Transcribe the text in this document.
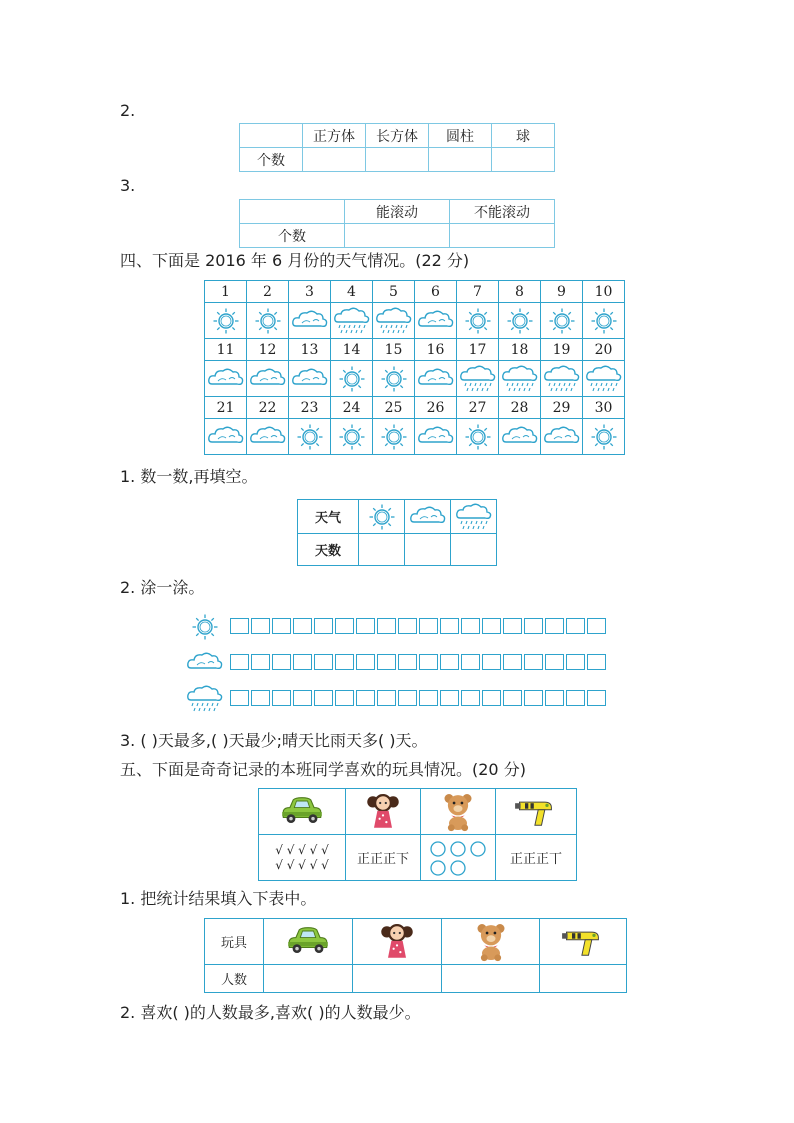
2.
	正方体	长方体	圆柱	球
个数				
3.
	能滚动	不能滚动
个数		
四、下面是 2016 年 6 月份的天气情况。(22 分)
1	2	3	4	5	6	7	8	9	10

11	12	13	14	15	16	17	18	19	20

21	22	23	24	25	26	27	28	29	30

1. 数一数,再填空。
天气	

天数			
2. 涂一涂。
3. ( )天最多,( )天最少;晴天比雨天多( )天。
五、下面是奇奇记录的本班同学喜欢的玩具情况。(20 分)

√ √ √ √ √
√ √ √ √ √	正正正下		正正正丅
1. 把统计结果填入下表中。
玩具	

人数				
2. 喜欢( )的人数最多,喜欢( )的人数最少。
